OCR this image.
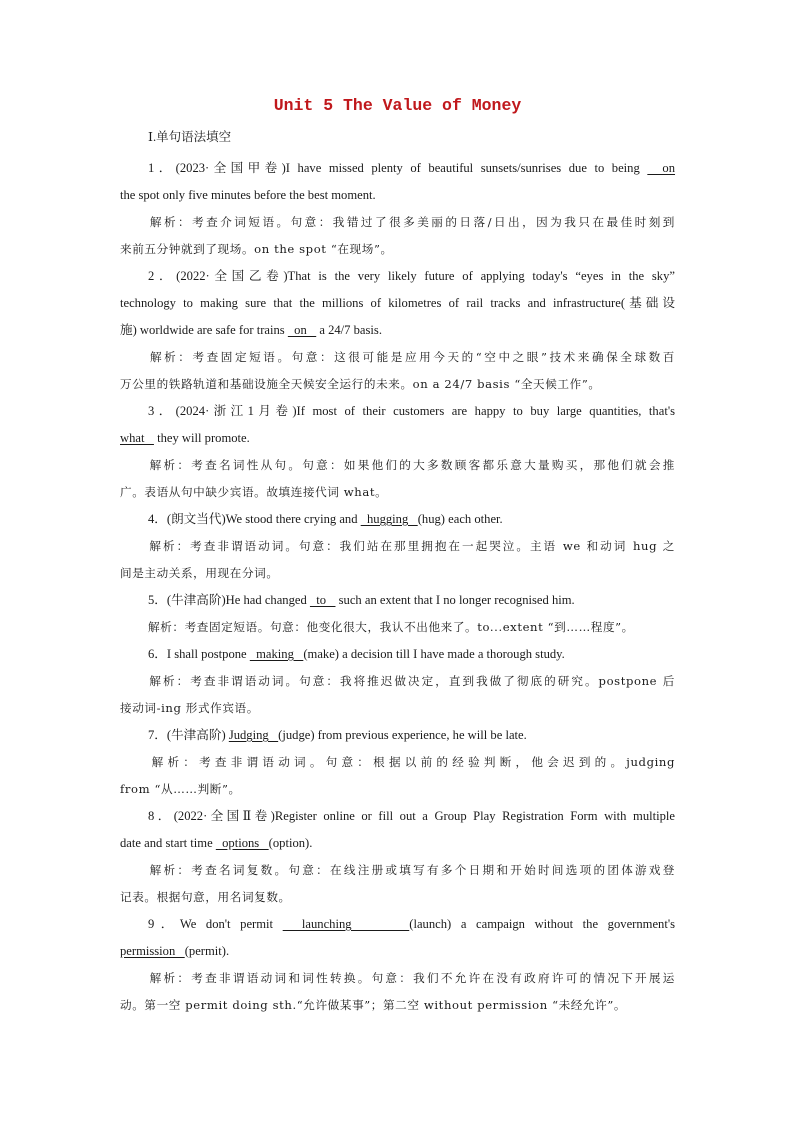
Unit 5 The Value of Money
Ⅰ.单句语法填空

1．(2023·全国甲卷)I have missed plenty of beautiful sunsets/sunrises due to being   on

the spot only five minutes before the best moment.

解析：考查介词短语。句意：我错过了很多美丽的日落/日出，因为我只在最佳时刻到

来前五分钟就到了现场。on the spot “在现场”。

2．(2022·全国乙卷)That is the very likely future of applying today's “eyes in the sky”

technology to making sure that the millions of kilometres of rail tracks and infrastructure(基础设

施) worldwide are safe for trains   on    a 24/7 basis.

解析：考查固定短语。句意：这很可能是应用今天的“空中之眼”技术来确保全球数百

万公里的铁路轨道和基础设施全天候安全运行的未来。on a 24/7 basis “全天候工作”。

3．(2024·浙江1月卷)If most of their customers are happy to buy large quantities, that's

what    they will promote.

解析：考查名词性从句。句意：如果他们的大多数顾客都乐意大量购买，那他们就会推

广。表语从句中缺少宾语。故填连接代词 what。

4．(朗文当代)We stood there crying and   hugging   (hug) each other.

解析：考查非谓语动词。句意：我们站在那里拥抱在一起哭泣。主语 we 和动词 hug 之

间是主动关系，用现在分词。

5．(牛津高阶)He had changed   to    such an extent that I no longer recognised him.

解析：考查固定短语。句意：他变化很大，我认不出他来了。to...extent “到……程度”。

6．I shall postpone   making   (make) a decision till I have made a thorough study.

解析：考查非谓语动词。句意：我将推迟做决定，直到我做了彻底的研究。postpone 后

接动词-ing 形式作宾语。

7．(牛津高阶) Judging   (judge) from previous experience, he will be late.

解析：考查非谓语动词。句意：根据以前的经验判断，他会迟到的。judging

from “从……判断”。

8．(2022·全国Ⅱ卷)Register online or fill out a Group Play Registration Form with multiple

date and start time   options   (option).

解析：考查名词复数。句意：在线注册或填写有多个日期和开始时间选项的团体游戏登

记表。根据句意，用名词复数。

9．We don't permit   launching      (launch) a campaign without the government's

permission   (permit).

解析：考查非谓语动词和词性转换。句意：我们不允许在没有政府许可的情况下开展运

动。第一空 permit doing sth.“允许做某事”；第二空 without permission “未经允许”。
